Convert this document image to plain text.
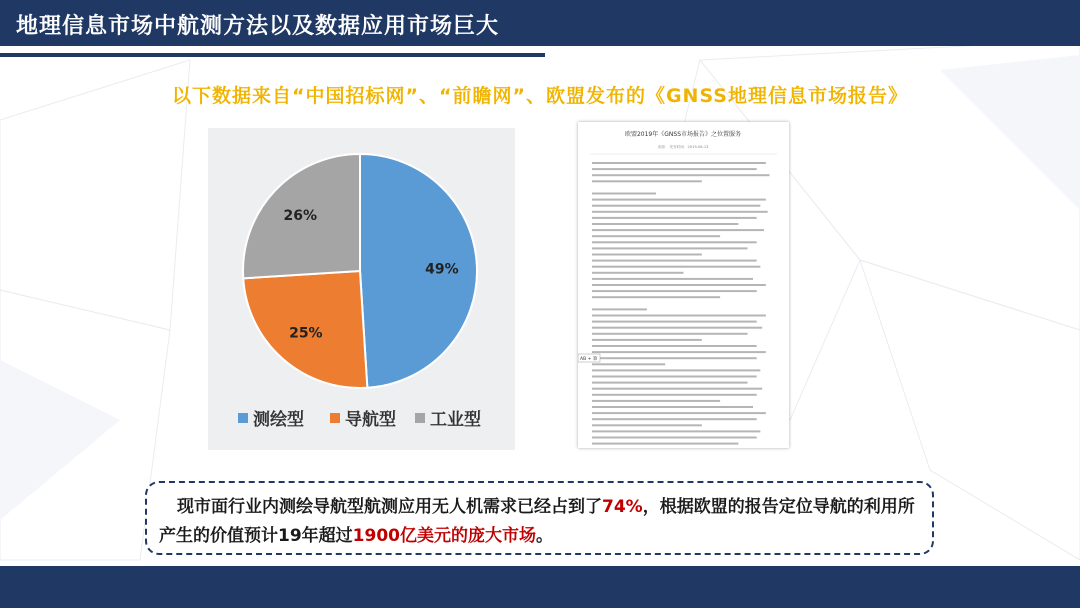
地理信息市场中航测方法以及数据应用市场巨大
以下数据来自“中国招标网”、“前瞻网”、欧盟发布的《GNSS地理信息市场报告》
49%
25%
26%
测绘型 导航型 工业型
欧盟2019年《GNSS市场报告》之位置服务
来源： 发布时间：2019-06-13
AB + 筆
现市面行业内测绘导航型航测应用无人机需求已经占到了74%，根据欧盟的报告定位导航的利用所产生的价值预计19年超过1900亿美元的庞大市场。
